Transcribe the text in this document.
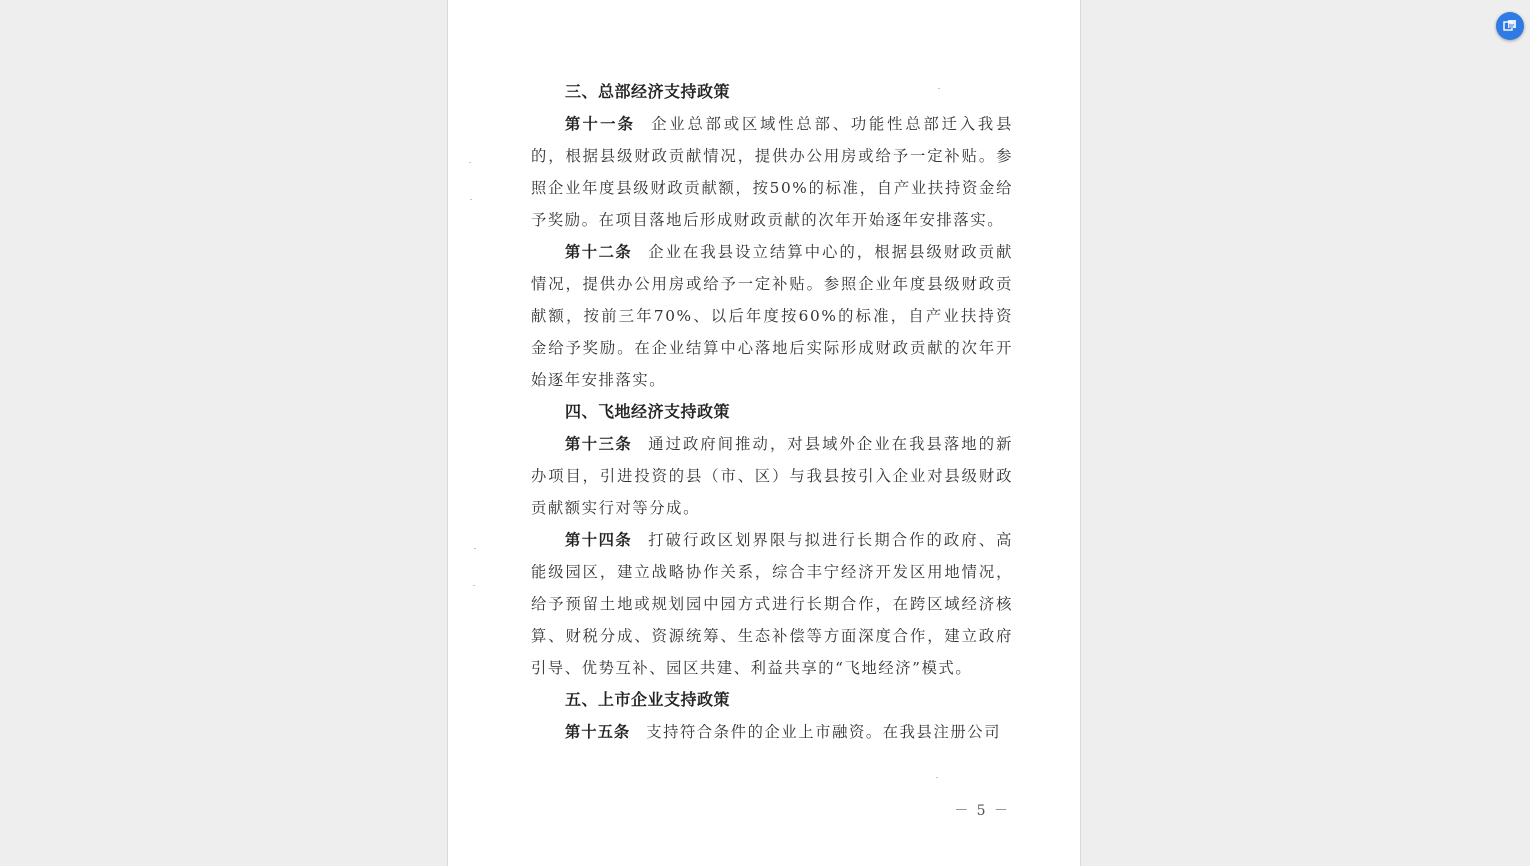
三、总部经济支持政策

第十一条 企业总部或区域性总部、功能性总部迁入我县的，根据县级财政贡献情况，提供办公用房或给予一定补贴。参照企业年度县级财政贡献额，按50%的标准，自产业扶持资金给予奖励。在项目落地后形成财政贡献的次年开始逐年安排落实。

第十二条 企业在我县设立结算中心的，根据县级财政贡献情况，提供办公用房或给予一定补贴。参照企业年度县级财政贡献额，按前三年70%、以后年度按60%的标准，自产业扶持资金给予奖励。在企业结算中心落地后实际形成财政贡献的次年开始逐年安排落实。

四、飞地经济支持政策

第十三条 通过政府间推动，对县域外企业在我县落地的新办项目，引进投资的县（市、区）与我县按引入企业对县级财政贡献额实行对等分成。

第十四条 打破行政区划界限与拟进行长期合作的政府、高能级园区，建立战略协作关系，综合丰宁经济开发区用地情况，给予预留土地或规划园中园方式进行长期合作，在跨区域经济核算、财税分成、资源统筹、生态补偿等方面深度合作，建立政府引导、优势互补、园区共建、利益共享的“飞地经济”模式。

五、上市企业支持政策

第十五条 支持符合条件的企业上市融资。在我县注册公司

－ 5 －
